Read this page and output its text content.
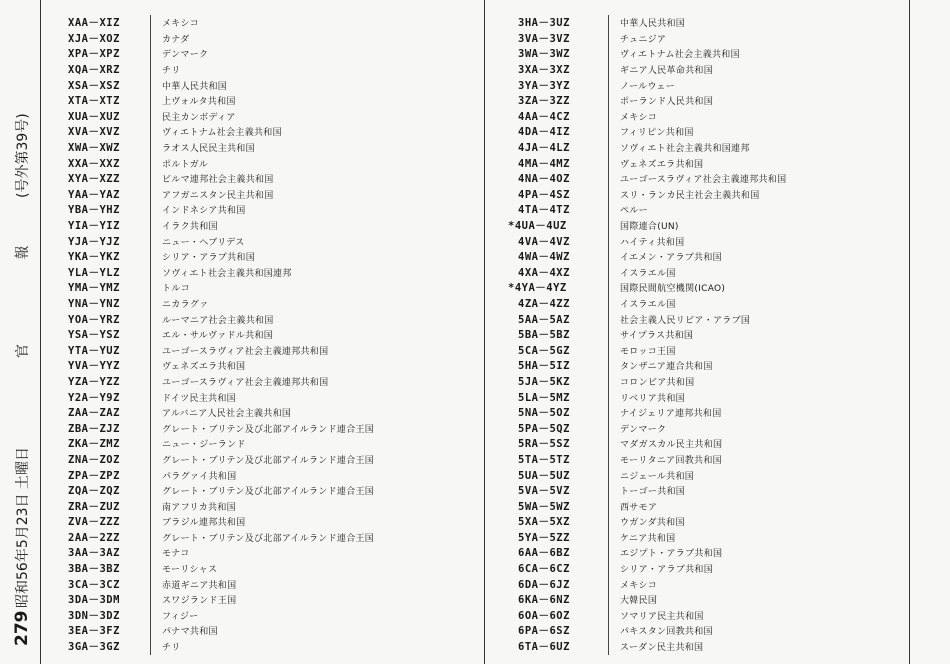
279
昭和56年5月23日 土曜日
官 報
(号外第39号)
XAA－XIZ	メキシコ
XJA－XOZ	カナダ
XPA－XPZ	デンマーク
XQA－XRZ	チリ
XSA－XSZ	中華人民共和国
XTA－XTZ	上ヴォルタ共和国
XUA－XUZ	民主カンボディア
XVA－XVZ	ヴィエトナム社会主義共和国
XWA－XWZ	ラオス人民民主共和国
XXA－XXZ	ポルトガル
XYA－XZZ	ビルマ連邦社会主義共和国
YAA－YAZ	アフガニスタン民主共和国
YBA－YHZ	インドネシア共和国
YIA－YIZ	イラク共和国
YJA－YJZ	ニュー・ヘブリデス
YKA－YKZ	シリア・アラブ共和国
YLA－YLZ	ソヴィエト社会主義共和国連邦
YMA－YMZ	トルコ
YNA－YNZ	ニカラグァ
YOA－YRZ	ルーマニア社会主義共和国
YSA－YSZ	エル・サルヴァドル共和国
YTA－YUZ	ユーゴースラヴィア社会主義連邦共和国
YVA－YYZ	ヴェネズエラ共和国
YZA－YZZ	ユーゴースラヴィア社会主義連邦共和国
Y2A－Y9Z	ドイツ民主共和国
ZAA－ZAZ	アルバニア人民社会主義共和国
ZBA－ZJZ	グレート・ブリテン及び北部アイルランド連合王国
ZKA－ZMZ	ニュー・ジーランド
ZNA－ZOZ	グレート・ブリテン及び北部アイルランド連合王国
ZPA－ZPZ	パラグァイ共和国
ZQA－ZQZ	グレート・ブリテン及び北部アイルランド連合王国
ZRA－ZUZ	南アフリカ共和国
ZVA－ZZZ	ブラジル連邦共和国
2AA－2ZZ	グレート・ブリテン及び北部アイルランド連合王国
3AA－3AZ	モナコ
3BA－3BZ	モーリシャス
3CA－3CZ	赤道ギニア共和国
3DA－3DM	スワジランド王国
3DN－3DZ	フィジー
3EA－3FZ	パナマ共和国
3GA－3GZ	チリ
3HA－3UZ	中華人民共和国
3VA－3VZ	チュニジア
3WA－3WZ	ヴィエトナム社会主義共和国
3XA－3XZ	ギニア人民革命共和国
3YA－3YZ	ノールウェー
3ZA－3ZZ	ポーランド人民共和国
4AA－4CZ	メキシコ
4DA－4IZ	フィリピン共和国
4JA－4LZ	ソヴィエト社会主義共和国連邦
4MA－4MZ	ヴェネズエラ共和国
4NA－4OZ	ユーゴースラヴィア社会主義連邦共和国
4PA－4SZ	スリ・ランカ民主社会主義共和国
4TA－4TZ	ペルー
*4UA－4UZ	国際連合(UN)
4VA－4VZ	ハイティ共和国
4WA－4WZ	イエメン・アラブ共和国
4XA－4XZ	イスラエル国
*4YA－4YZ	国際民間航空機関(ICAO)
4ZA－4ZZ	イスラエル国
5AA－5AZ	社会主義人民リビア・アラブ国
5BA－5BZ	サイプラス共和国
5CA－5GZ	モロッコ王国
5HA－5IZ	タンザニア連合共和国
5JA－5KZ	コロンビア共和国
5LA－5MZ	リベリア共和国
5NA－5OZ	ナイジェリア連邦共和国
5PA－5QZ	デンマーク
5RA－5SZ	マダガスカル民主共和国
5TA－5TZ	モーリタニア回教共和国
5UA－5UZ	ニジェール共和国
5VA－5VZ	トーゴー共和国
5WA－5WZ	西サモア
5XA－5XZ	ウガンダ共和国
5YA－5ZZ	ケニア共和国
6AA－6BZ	エジプト・アラブ共和国
6CA－6CZ	シリア・アラブ共和国
6DA－6JZ	メキシコ
6KA－6NZ	大韓民国
6OA－6OZ	ソマリア民主共和国
6PA－6SZ	パキスタン回教共和国
6TA－6UZ	スーダン民主共和国
